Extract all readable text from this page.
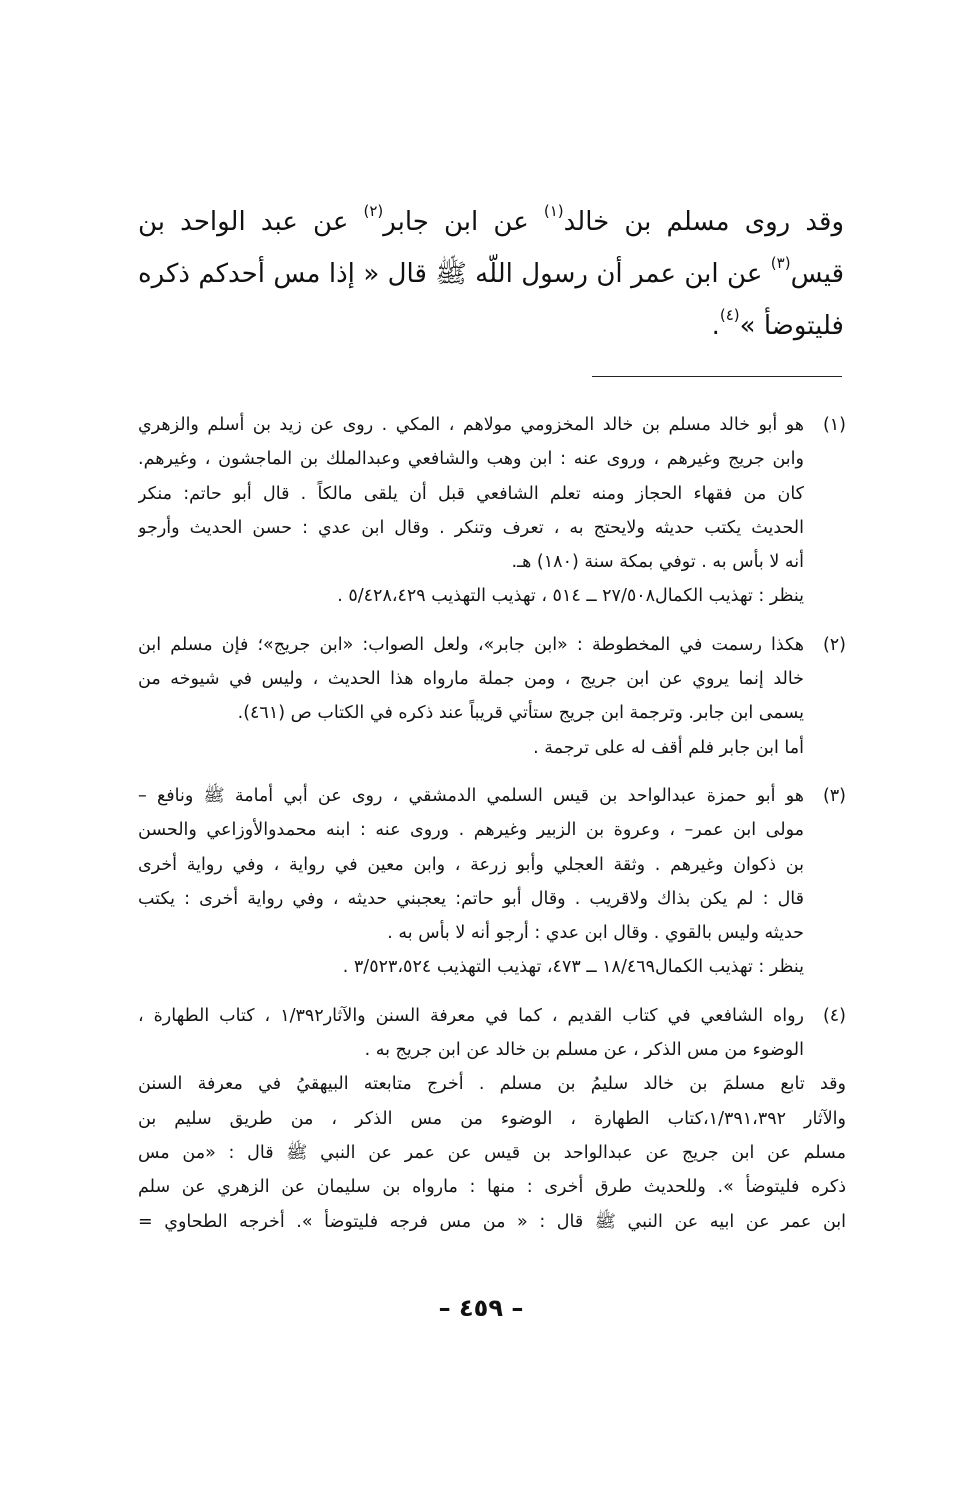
وقد روى مسلم بن خالد$^{(١)}$ عن ابن جابر$^{(٢)}$ عن عبد الواحد بن
قيس$^{(٣)}$ عن ابن عمر أن رسول اللّه ﷺ قال « إذا مس أحدكم ذكره
فليتوضأ »$^{(٤)}$.
(١)
هو أبو خالد مسلم بن خالد المخزومي مولاهم ، المكي . روى عن زيد بن أسلم والزهري
وابن جريج وغيرهم ، وروى عنه : ابن وهب والشافعي وعبدالملك بن الماجشون ، وغيرهم.
كان من فقهاء الحجاز ومنه تعلم الشافعي قبل أن يلقى مالكاً . قال أبو حاتم: منكر
الحديث يكتب حديثه ولايحتج به ، تعرف وتنكر . وقال ابن عدي : حسن الحديث وأرجو
أنه لا بأس به . توفي بمكة سنة (١٨٠) هـ.
ينظر : تهذيب الكمال٢٧/٥٠٨ ــ ٥١٤ ، تهذيب التهذيب ٥/٤٢٨،٤٢٩ .
(٢)
هكذا رسمت في المخطوطة : «ابن جابر»، ولعل الصواب: «ابن جريج»؛ فإن مسلم ابن
خالد إنما يروي عن ابن جريج ، ومن جملة مارواه هذا الحديث ، وليس في شيوخه من
يسمى ابن جابر. وترجمة ابن جريج ستأتي قريباً عند ذكره في الكتاب ص (٤٦١).
أما ابن جابر فلم أقف له على ترجمة .
(٣)
هو أبو حمزة عبدالواحد بن قيس السلمي الدمشقي ، روى عن أبي أمامة ﷺ ونافع –
مولى ابن عمر– ، وعروة بن الزبير وغيرهم . وروى عنه : ابنه محمدوالأوزاعي والحسن
بن ذكوان وغيرهم . وثقة العجلي وأبو زرعة ، وابن معين في رواية ، وفي رواية أخرى
قال : لم يكن بذاك ولاقريب . وقال أبو حاتم: يعجبني حديثه ، وفي رواية أخرى : يكتب
حديثه وليس بالقوي . وقال ابن عدي : أرجو أنه لا بأس به .
ينظر : تهذيب الكمال١٨/٤٦٩ ــ ٤٧٣، تهذيب التهذيب ٣/٥٢٣،٥٢٤ .
(٤)
رواه الشافعي في كتاب القديم ، كما في معرفة السنن والآثار١/٣٩٢ ، كتاب الطهارة ،
الوضوء من مس الذكر ، عن مسلم بن خالد عن ابن جريج به .
وقد تابع مسلمَ بن خالد سليمُ بن مسلم . أخرج متابعته البيهقيُ في معرفة السنن
والآثار ١/٣٩١،٣٩٢،كتاب الطهارة ، الوضوء من مس الذكر ، من طريق سليم بن
مسلم عن ابن جريج عن عبدالواحد بن قيس عن عمر عن النبي ﷺ قال : «من مس
ذكره فليتوضأ ». وللحديث طرق أخرى : منها : مارواه بن سليمان عن الزهري عن سلم
ابن عمر عن ابيه عن النبي ﷺ قال : « من مس فرجه فليتوضأ ». أخرجه الطحاوي =
– ٤٥٩ –
